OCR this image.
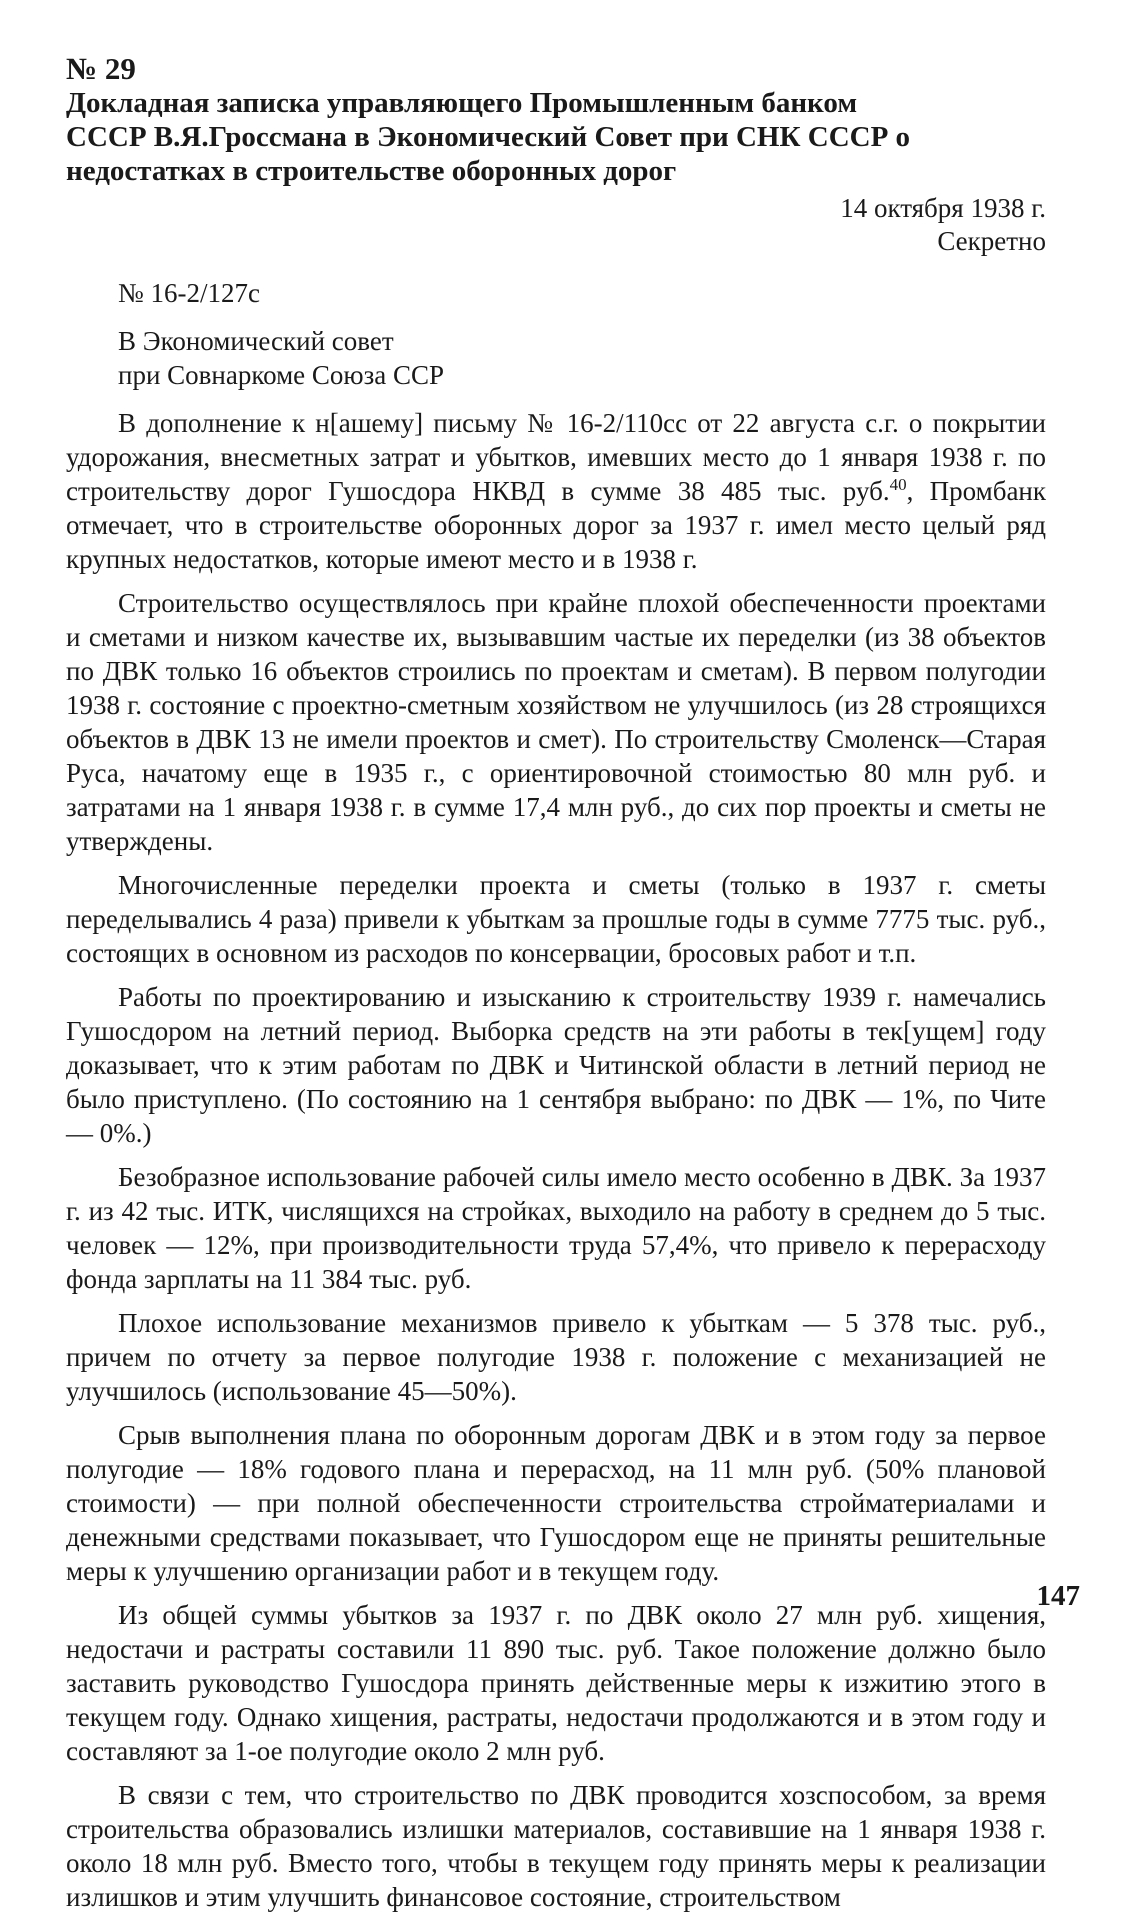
№ 29
Докладная записка управляющего Промышленным банком СССР В.Я.Гроссмана в Экономический Совет при СНК СССР о недостатках в строительстве оборонных дорог
14 октября 1938 г.
Секретно
№ 16-2/127с
В Экономический совет
при Совнаркоме Союза ССР

В дополнение к н[ашему] письму № 16-2/110сс от 22 августа с.г. о покрытии удорожания, внесметных затрат и убытков, имевших место до 1 января 1938 г. по строительству дорог Гушосдора НКВД в сумме 38 485 тыс. руб.$^{40}$, Промбанк отмечает, что в строительстве оборонных дорог за 1937 г. имел место целый ряд крупных недостатков, которые имеют место и в 1938 г.

Строительство осуществлялось при крайне плохой обеспеченности проектами и сметами и низком качестве их, вызывавшим частые их переделки (из 38 объектов по ДВК только 16 объектов строились по проектам и сметам). В первом полугодии 1938 г. состояние с проектно-сметным хозяйством не улучшилось (из 28 строящихся объектов в ДВК 13 не имели проектов и смет). По строительству Смоленск—Старая Руса, начатому еще в 1935 г., с ориентировочной стоимостью 80 млн руб. и затратами на 1 января 1938 г. в сумме 17,4 млн руб., до сих пор проекты и сметы не утверждены.

Многочисленные переделки проекта и сметы (только в 1937 г. сметы переделывались 4 раза) привели к убыткам за прошлые годы в сумме 7775 тыс. руб., состоящих в основном из расходов по консервации, бросовых работ и т.п.

Работы по проектированию и изысканию к строительству 1939 г. намечались Гушосдором на летний период. Выборка средств на эти работы в тек[ущем] году доказывает, что к этим работам по ДВК и Читинской области в летний период не было приступлено. (По состоянию на 1 сентября выбрано: по ДВК — 1%, по Чите — 0%.)

Безобразное использование рабочей силы имело место особенно в ДВК. За 1937 г. из 42 тыс. ИТК, числящихся на стройках, выходило на работу в среднем до 5 тыс. человек — 12%, при производительности труда 57,4%, что привело к перерасходу фонда зарплаты на 11 384 тыс. руб.

Плохое использование механизмов привело к убыткам — 5 378 тыс. руб., причем по отчету за первое полугодие 1938 г. положение с механизацией не улучшилось (использование 45—50%).

Срыв выполнения плана по оборонным дорогам ДВК и в этом году за первое полугодие — 18% годового плана и перерасход, на 11 млн руб. (50% плановой стоимости) — при полной обеспеченности строительства стройматериалами и денежными средствами показывает, что Гушосдором еще не приняты решительные меры к улучшению организации работ и в текущем году.

Из общей суммы убытков за 1937 г. по ДВК около 27 млн руб. хищения, недостачи и растраты составили 11 890 тыс. руб. Такое положение должно было заставить руководство Гушосдора принять действенные меры к изжитию этого в текущем году. Однако хищения, растраты, недостачи продолжаются и в этом году и составляют за 1-ое полугодие около 2 млн руб.

В связи с тем, что строительство по ДВК проводится хозспособом, за время строительства образовались излишки материалов, составившие на 1 января 1938 г. около 18 млн руб. Вместо того, чтобы в текущем году принять меры к реализации излишков и этим улучшить финансовое состояние, строительством

147
